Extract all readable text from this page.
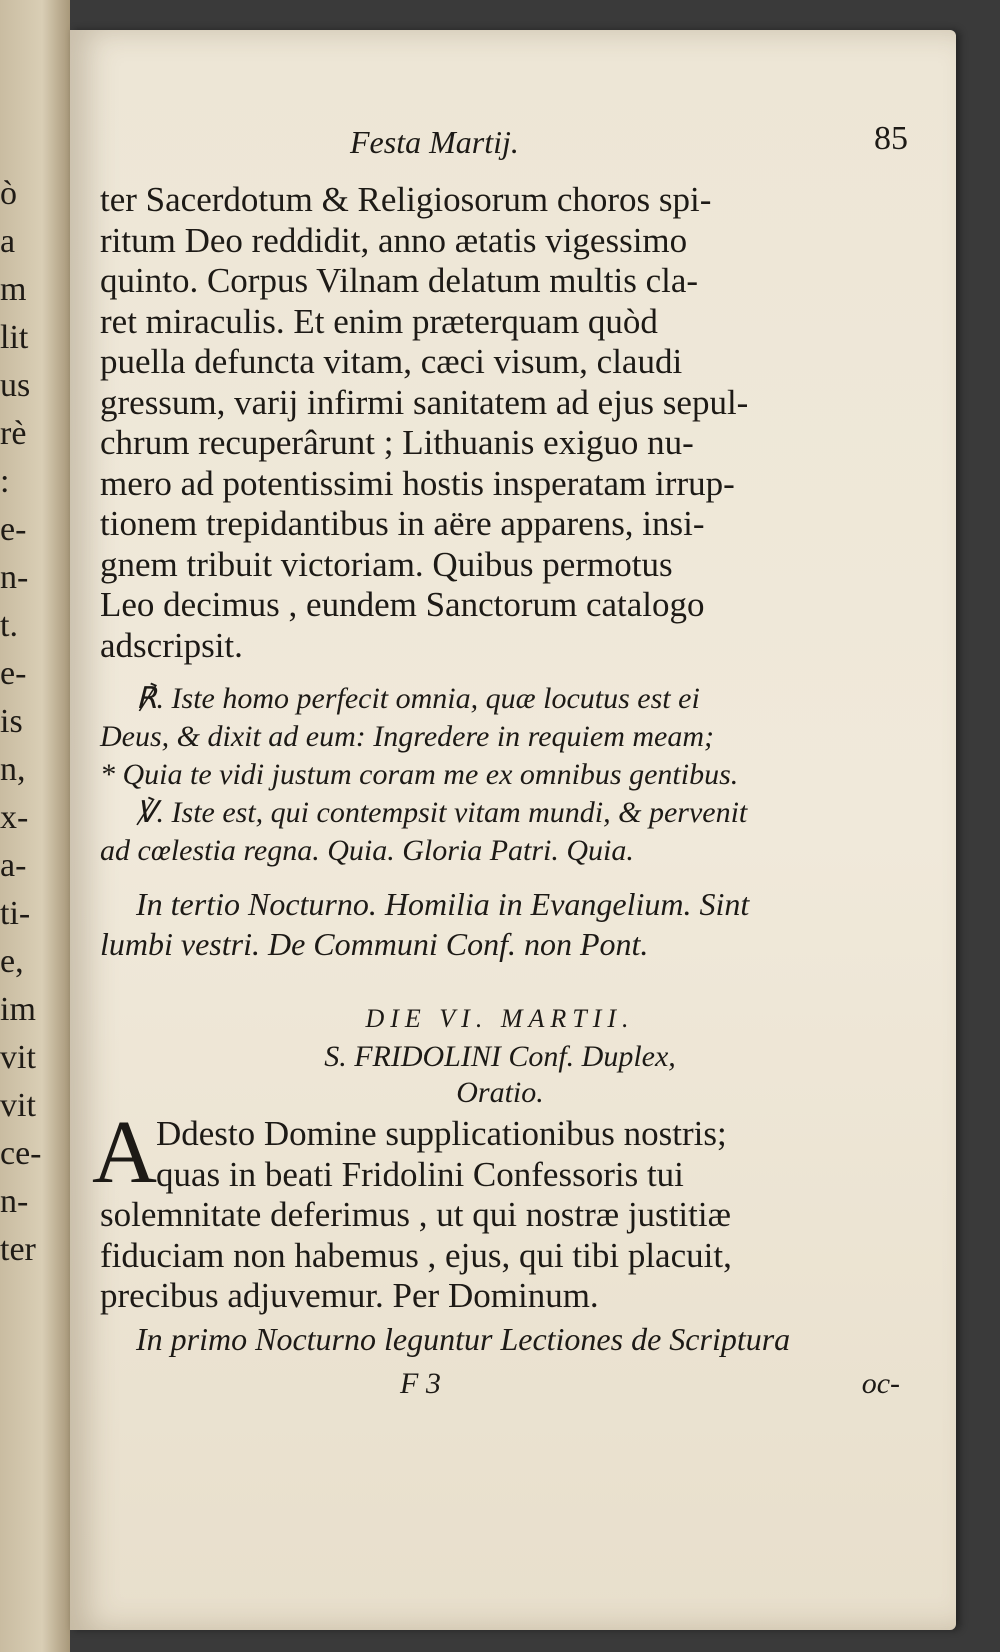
ò
a
m
lit
us
rè
:
e-
n-
t.
e-
is
n,
x-
a-
ti-
e,
im
vit
vit
ce-
n-
ter
Festa Martij.	85
ter Sacerdotum & Religiosorum choros spi-
ritum Deo reddidit, anno ætatis vigessimo
quinto. Corpus Vilnam delatum multis cla-
ret miraculis. Et enim præterquam quòd
puella defuncta vitam, cæci visum, claudi
gressum, varij infirmi sanitatem ad ejus sepul-
chrum recuperârunt ; Lithuanis exiguo nu-
mero ad potentissimi hostis insperatam irrup-
tionem trepidantibus in aëre apparens, insi-
gnem tribuit victoriam. Quibus permotus
Leo decimus , eundem Sanctorum catalogo
adscripsit.
℟. Iste homo perfecit omnia, quæ locutus est ei
Deus, & dixit ad eum: Ingredere in requiem meam;
* Quia te vidi justum coram me ex omnibus gentibus.
℣. Iste est, qui contempsit vitam mundi, & pervenit
ad cœlestia regna. Quia. Gloria Patri. Quia.
In tertio Nocturno. Homilia in Evangelium. Sint
lumbi vestri. De Communi Conf. non Pont.
DIE VI. MARTII.
S. FRIDOLINI Conf. Duplex,
Oratio.
A Ddesto Domine supplicationibus nostris;
quas in beati Fridolini Confessoris tui
solemnitate deferimus , ut qui nostræ justitiæ
fiduciam non habemus , ejus, qui tibi placuit,
precibus adjuvemur. Per Dominum.
In primo Nocturno leguntur Lectiones de Scriptura
F 3	oc-
